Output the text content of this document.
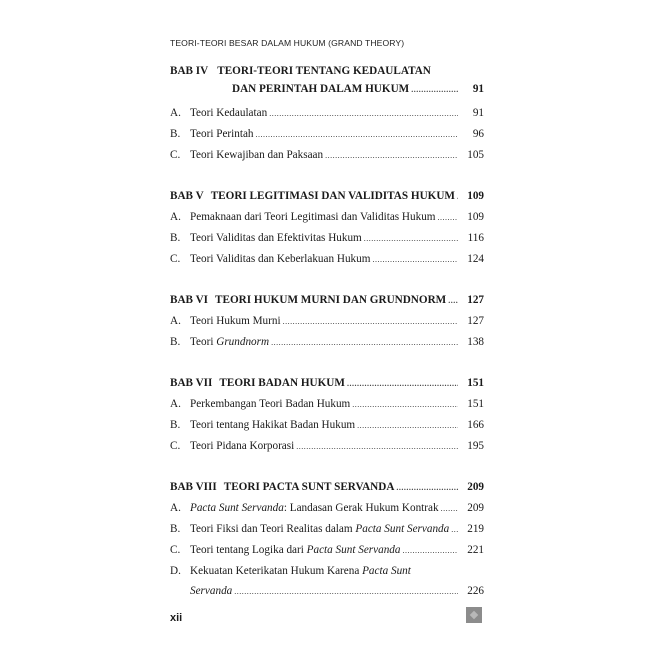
TEORI-TEORI BESAR DALAM HUKUM (GRAND THEORY)
BAB IV TEORI-TEORI TENTANG KEDAULATAN
DAN PERINTAH DALAM HUKUM .....	91
A. Teori Kedaulatan .....	91
B. Teori Perintah .....	96
C. Teori Kewajiban dan Paksaan .....	105
BAB V TEORI LEGITIMASI DAN VALIDITAS HUKUM .....	109
A. Pemaknaan dari Teori Legitimasi dan Validitas Hukum .....	109
B. Teori Validitas dan Efektivitas Hukum .....	116
C. Teori Validitas dan Keberlakuan Hukum .....	124
BAB VI TEORI HUKUM MURNI DAN GRUNDNORM .....	127
A. Teori Hukum Murni .....	127
B. Teori Grundnorm .....	138
BAB VII TEORI BADAN HUKUM .....	151
A. Perkembangan Teori Badan Hukum .....	151
B. Teori tentang Hakikat Badan Hukum .....	166
C. Teori Pidana Korporasi .....	195
BAB VIII TEORI PACTA SUNT SERVANDA .....	209
A. Pacta Sunt Servanda : Landasan Gerak Hukum Kontrak .....	209
B. Teori Fiksi dan Teori Realitas dalam Pacta Sunt Servanda .....	219
C. Teori tentang Logika dari Pacta Sunt Servanda .....	221
D. Kekuatan Keterikatan Hukum Karena Pacta Sunt
Servanda .....	226
xii
